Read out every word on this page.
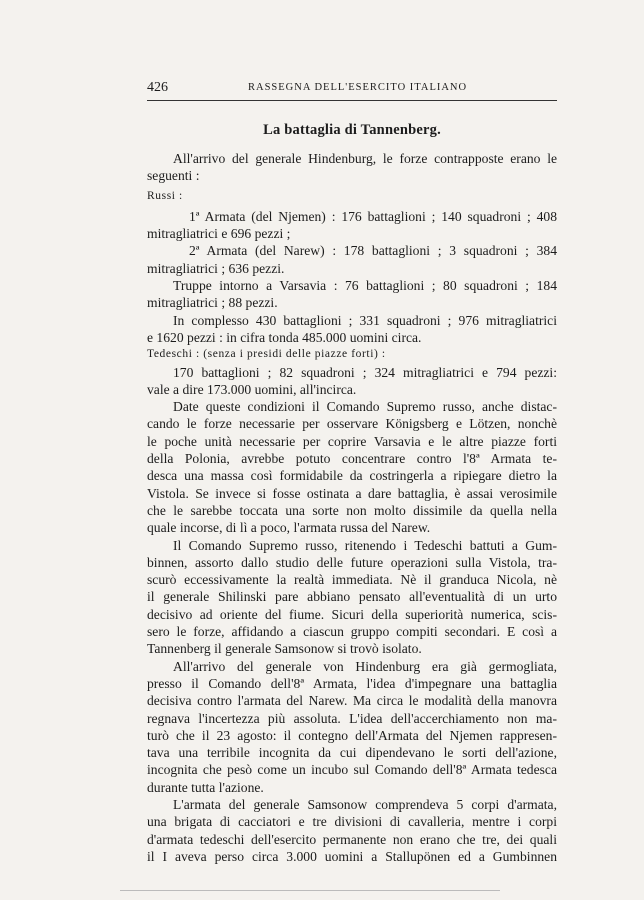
426	RASSEGNA DELL'ESERCITO ITALIANO
La battaglia di Tannenberg.
All'arrivo del generale Hindenburg, le forze contrapposte erano le
seguenti :
Russi :
1ª Armata (del Njemen) : 176 battaglioni ; 140 squadroni ; 408
mitragliatrici e 696 pezzi ;
2ª Armata (del Narew) : 178 battaglioni ; 3 squadroni ; 384
mitragliatrici ; 636 pezzi.
Truppe intorno a Varsavia : 76 battaglioni ; 80 squadroni ; 184
mitragliatrici ; 88 pezzi.
In complesso 430 battaglioni ; 331 squadroni ; 976 mitragliatrici
e 1620 pezzi : in cifra tonda 485.000 uomini circa.
Tedeschi : (senza i presidi delle piazze forti) :
170 battaglioni ; 82 squadroni ; 324 mitragliatrici e 794 pezzi:
vale a dire 173.000 uomini, all'incirca.
Date queste condizioni il Comando Supremo russo, anche distac-
cando le forze necessarie per osservare Königsberg e Lötzen, nonchè
le poche unità necessarie per coprire Varsavia e le altre piazze forti
della Polonia, avrebbe potuto concentrare contro l'8ª Armata te-
desca una massa così formidabile da costringerla a ripiegare dietro la
Vistola. Se invece si fosse ostinata a dare battaglia, è assai verosimile
che le sarebbe toccata una sorte non molto dissimile da quella nella
quale incorse, di lì a poco, l'armata russa del Narew.
Il Comando Supremo russo, ritenendo i Tedeschi battuti a Gum-
binnen, assorto dallo studio delle future operazioni sulla Vistola, tra-
scurò eccessivamente la realtà immediata. Nè il granduca Nicola, nè
il generale Shilinski pare abbiano pensato all'eventualità di un urto
decisivo ad oriente del fiume. Sicuri della superiorità numerica, scis-
sero le forze, affidando a ciascun gruppo compiti secondari. E così a
Tannenberg il generale Samsonow si trovò isolato.
All'arrivo del generale von Hindenburg era già germogliata,
presso il Comando dell'8ª Armata, l'idea d'impegnare una battaglia
decisiva contro l'armata del Narew. Ma circa le modalità della manovra
regnava l'incertezza più assoluta. L'idea dell'accerchiamento non ma-
turò che il 23 agosto: il contegno dell'Armata del Njemen rappresen-
tava una terribile incognita da cui dipendevano le sorti dell'azione,
incognita che pesò come un incubo sul Comando dell'8ª Armata tedesca
durante tutta l'azione.
L'armata del generale Samsonow comprendeva 5 corpi d'armata,
una brigata di cacciatori e tre divisioni di cavalleria, mentre i corpi
d'armata tedeschi dell'esercito permanente non erano che tre, dei quali
il I aveva perso circa 3.000 uomini a Stallupönen ed a Gumbinnen
